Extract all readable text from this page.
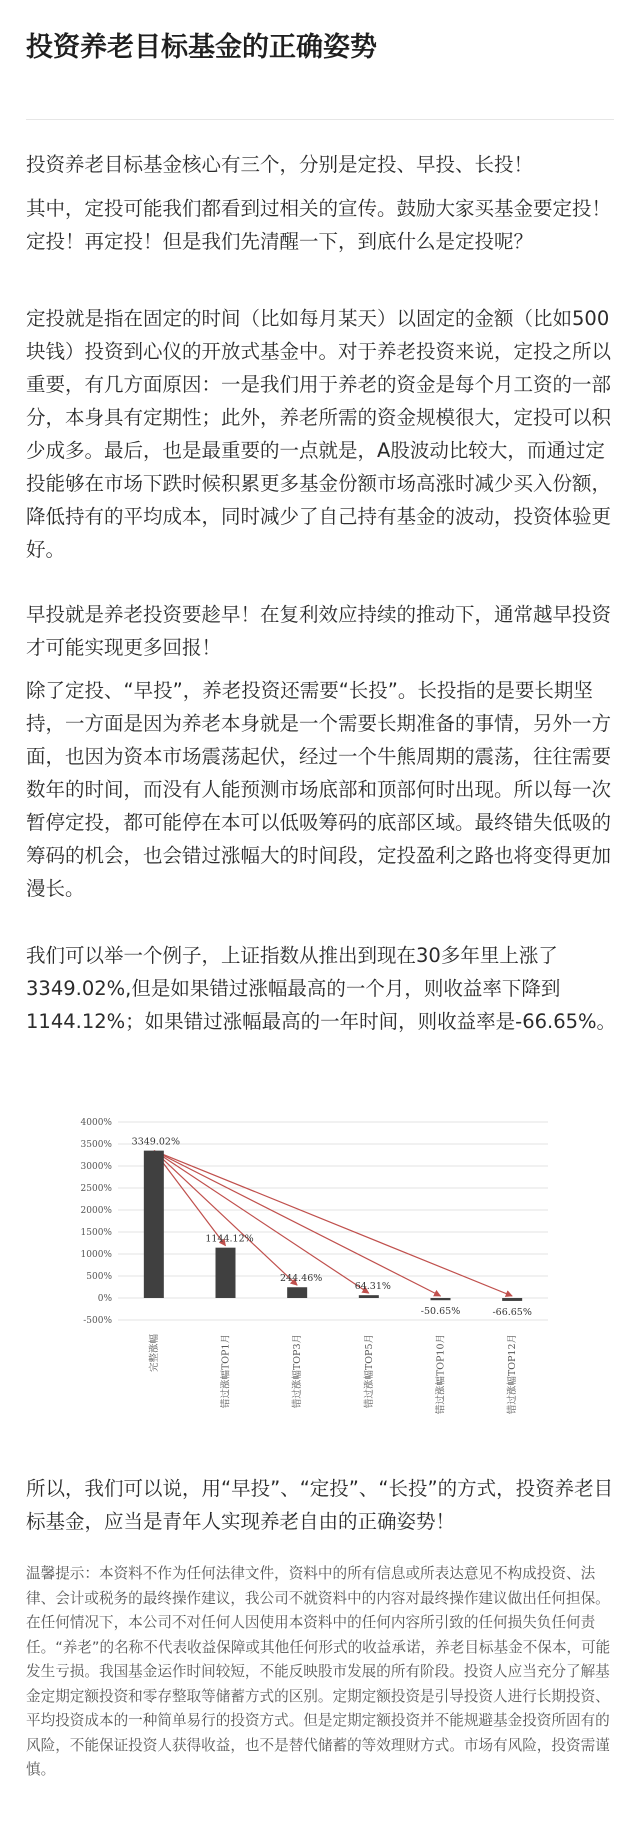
投资养老目标基金的正确姿势

投资养老目标基金核心有三个，分别是定投、早投、长投！

其中，定投可能我们都看到过相关的宣传。鼓励大家买基金要定投！定投！再定投！但是我们先清醒一下，到底什么是定投呢？

定投就是指在固定的时间（比如每月某天）以固定的金额（比如500块钱）投资到心仪的开放式基金中。对于养老投资来说，定投之所以重要，有几方面原因：一是我们用于养老的资金是每个月工资的一部分，本身具有定期性；此外，养老所需的资金规模很大，定投可以积少成多。最后，也是最重要的一点就是，A股波动比较大，而通过定投能够在市场下跌时候积累更多基金份额市场高涨时减少买入份额，降低持有的平均成本，同时减少了自己持有基金的波动，投资体验更好。

早投就是养老投资要趁早！在复利效应持续的推动下，通常越早投资才可能实现更多回报！

除了定投、“早投”，养老投资还需要“长投”。长投指的是要长期坚持，一方面是因为养老本身就是一个需要长期准备的事情，另外一方面，也因为资本市场震荡起伏，经过一个牛熊周期的震荡，往往需要数年的时间，而没有人能预测市场底部和顶部何时出现。所以每一次暂停定投，都可能停在本可以低吸筹码的底部区域。最终错失低吸的筹码的机会，也会错过涨幅大的时间段，定投盈利之路也将变得更加漫长。

我们可以举一个例子，上证指数从推出到现在30多年里上涨了3349.02%,但是如果错过涨幅最高的一个月，则收益率下降到1144.12%；如果错过涨幅最高的一年时间，则收益率是-66.65%。

-500%
0%
500%
1000%
1500%
2000%
2500%
3000%
3500%
4000%
3349.02%
完整涨幅
1144.12%
错过涨幅TOP1月
244.46%
错过涨幅TOP3月
64.31%
错过涨幅TOP5月
-50.65%
错过涨幅TOP10月
-66.65%
错过涨幅TOP12月

所以，我们可以说，用“早投”、“定投”、“长投”的方式，投资养老目标基金，应当是青年人实现养老自由的正确姿势！

温馨提示：本资料不作为任何法律文件，资料中的所有信息或所表达意见不构成投资、法律、会计或税务的最终操作建议，我公司不就资料中的内容对最终操作建议做出任何担保。在任何情况下，本公司不对任何人因使用本资料中的任何内容所引致的任何损失负任何责任。“养老”的名称不代表收益保障或其他任何形式的收益承诺，养老目标基金不保本，可能发生亏损。我国基金运作时间较短，不能反映股市发展的所有阶段。投资人应当充分了解基金定期定额投资和零存整取等储蓄方式的区别。定期定额投资是引导投资人进行长期投资、平均投资成本的一种简单易行的投资方式。但是定期定额投资并不能规避基金投资所固有的风险，不能保证投资人获得收益，也不是替代储蓄的等效理财方式。市场有风险，投资需谨慎。
